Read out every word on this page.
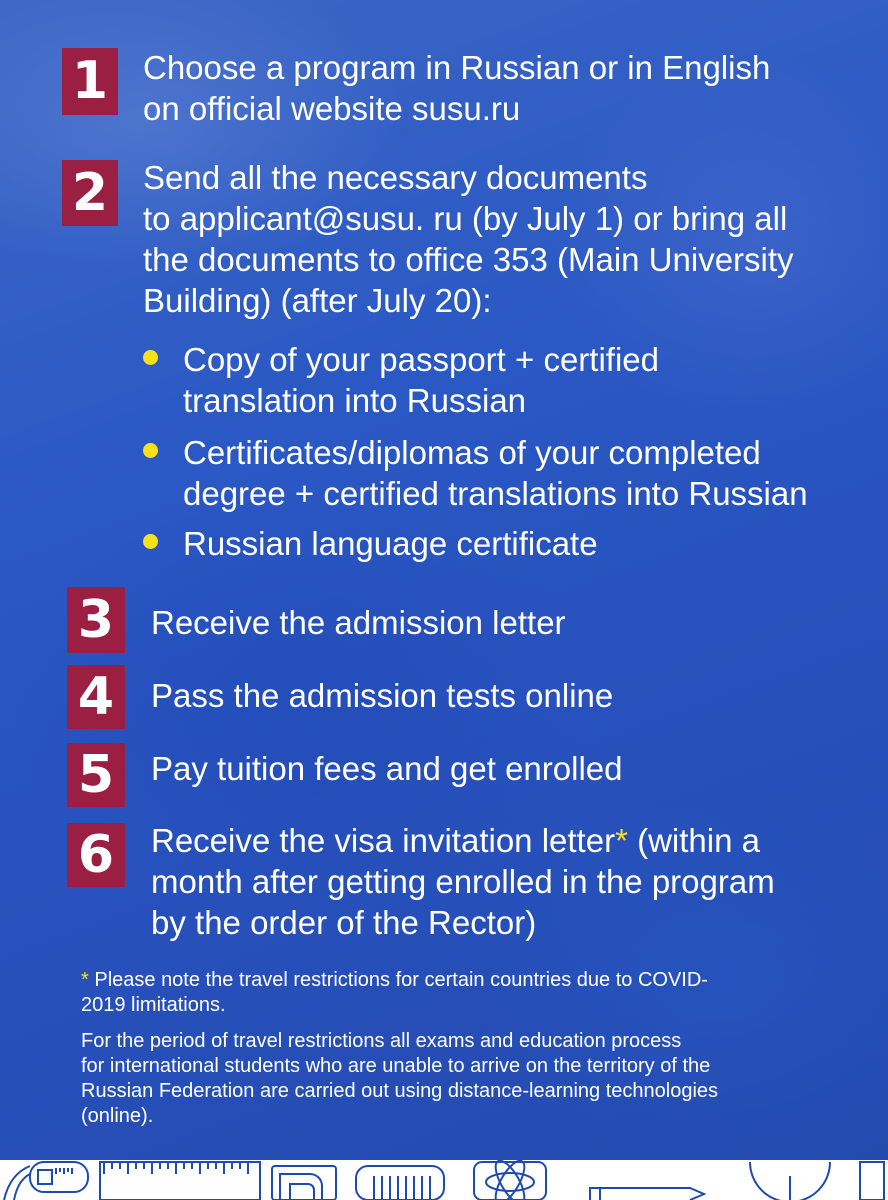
1	Choose a program in Russian or in English
on official website susu.ru
2	Send all the necessary documents
to applicant@susu. ru (by July 1) or bring all
the documents to office 353 (Main University
Building) (after July 20):
Copy of your passport + certified
translation into Russian
Certificates/diplomas of your completed
degree + certified translations into Russian
Russian language certificate
3	Receive the admission letter
4	Pass the admission tests online
5	Pay tuition fees and get enrolled
6	Receive the visa invitation letter* (within a
month after getting enrolled in the program
by the order of the Rector)
* Please note the travel restrictions for certain countries due to COVID-
2019 limitations.
For the period of travel restrictions all exams and education process
for international students who are unable to arrive on the territory of the
Russian Federation are carried out using distance-learning technologies
(online).
